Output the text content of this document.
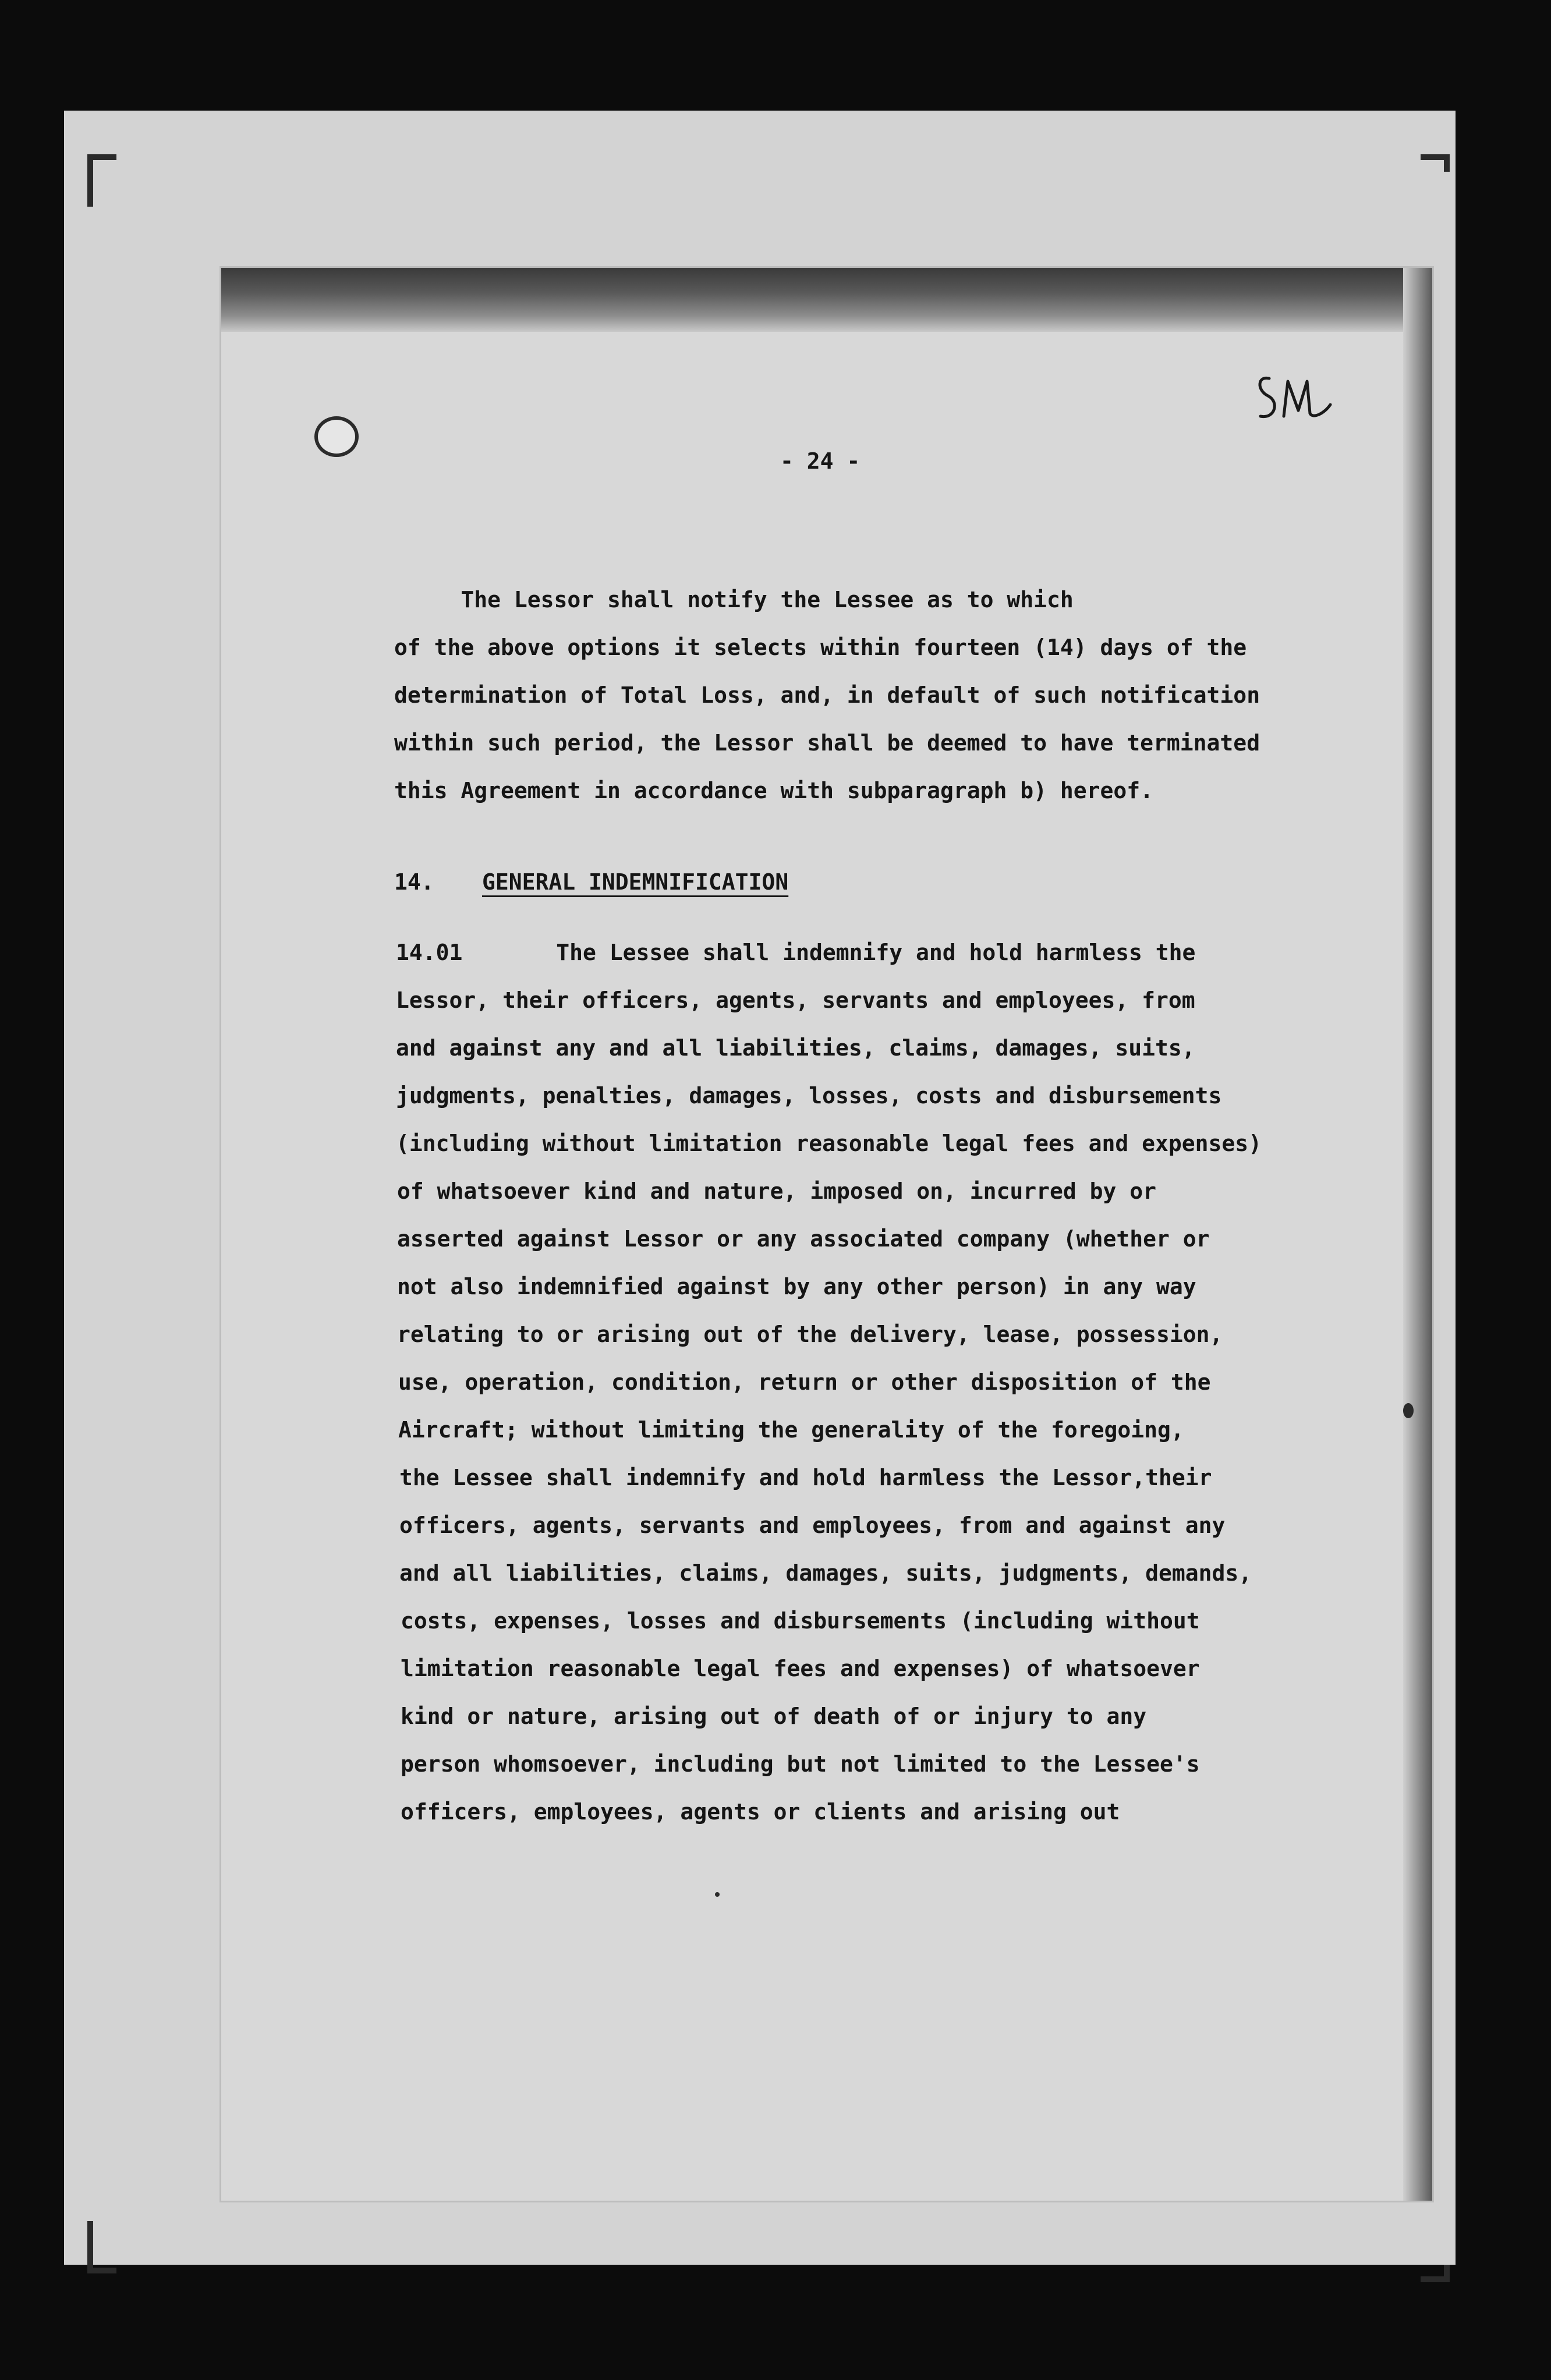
- 24 -
The Lessor shall notify the Lessee as to which
of the above options it selects within fourteen (14) days of the
determination of Total Loss, and, in default of such notification
within such period, the Lessor shall be deemed to have terminated
this Agreement in accordance with subparagraph b) hereof.
14. GENERAL INDEMNIFICATION
14.01 The Lessee shall indemnify and hold harmless the
Lessor, their officers, agents, servants and employees, from
and against any and all liabilities, claims, damages, suits,
judgments, penalties, damages, losses, costs and disbursements
(including without limitation reasonable legal fees and expenses)
of whatsoever kind and nature, imposed on, incurred by or
asserted against Lessor or any associated company (whether or
not also indemnified against by any other person) in any way
relating to or arising out of the delivery, lease, possession,
use, operation, condition, return or other disposition of the
Aircraft; without limiting the generality of the foregoing,
the Lessee shall indemnify and hold harmless the Lessor,their
officers, agents, servants and employees, from and against any
and all liabilities, claims, damages, suits, judgments, demands,
costs, expenses, losses and disbursements (including without
limitation reasonable legal fees and expenses) of whatsoever
kind or nature, arising out of death of or injury to any
person whomsoever, including but not limited to the Lessee's
officers, employees, agents or clients and arising out
